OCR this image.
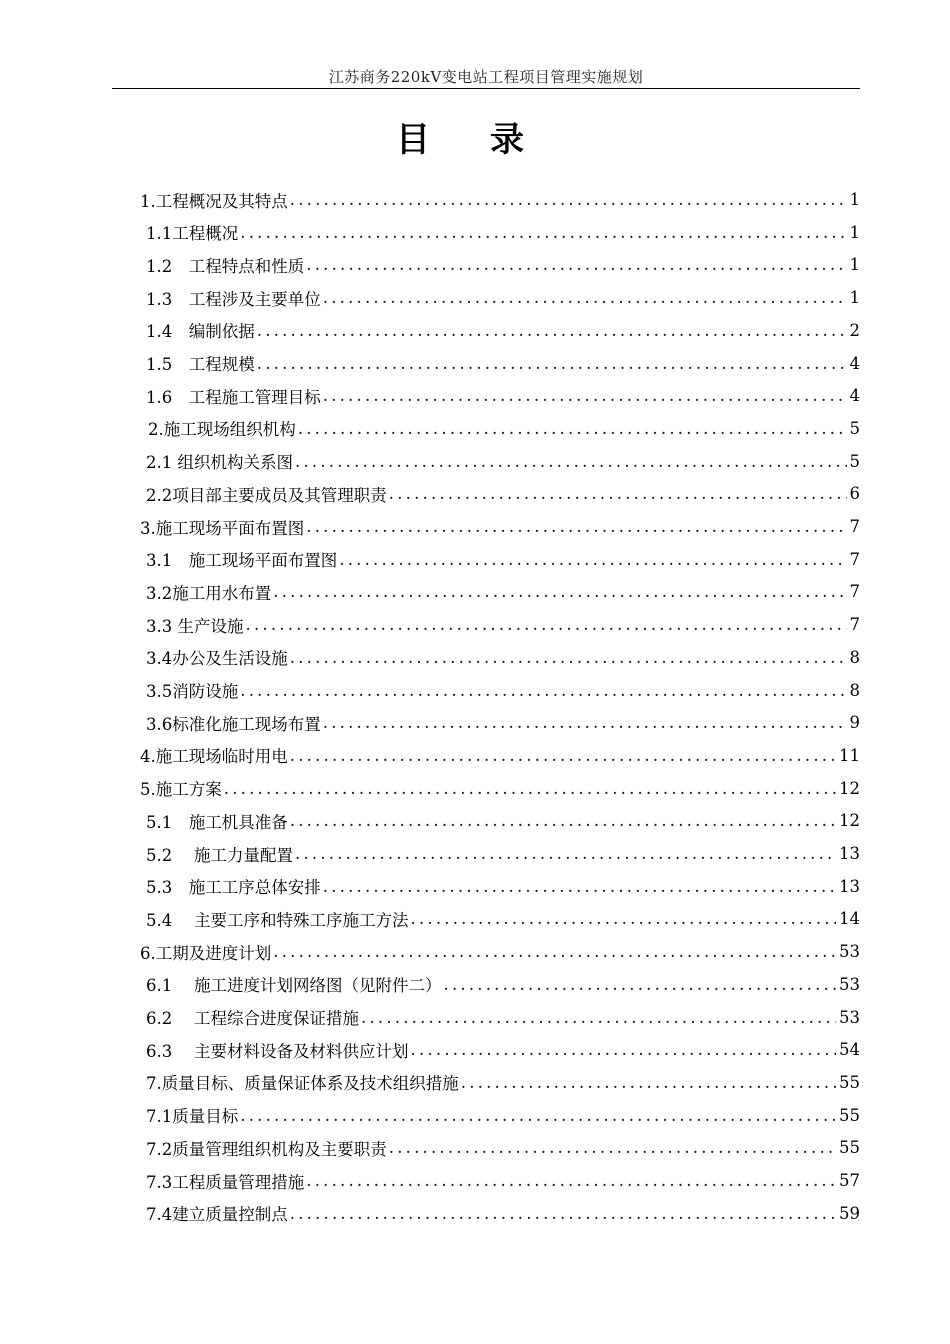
江苏商务220kV变电站工程项目管理实施规划
目录
1.工程概况及其特点 .....	1
1.1工程概况 .....	1
1.2　工程特点和性质 .....	1
1.3　工程涉及主要单位 .....	1
1.4　编制依据 .....	2
1.5　工程规模 .....	4
1.6　工程施工管理目标 .....	4
2.施工现场组织机构 .....	5
2.1 组织机构关系图 .....	5
2.2项目部主要成员及其管理职责 .....	6
3.施工现场平面布置图 .....	7
3.1　施工现场平面布置图 .....	7
3.2施工用水布置 .....	7
3.3 生产设施 .....	7
3.4办公及生活设施 .....	8
3.5消防设施 .....	8
3.6标准化施工现场布置 .....	9
4.施工现场临时用电 .....	11
5.施工方案 .....	12
5.1　施工机具准备 .....	12
5.2　 施工力量配置 .....	13
5.3　施工工序总体安排 .....	13
5.4　 主要工序和特殊工序施工方法 .....	14
6.工期及进度计划 .....	53
6.1　 施工进度计划网络图（见附件二） .....	53
6.2　 工程综合进度保证措施 .....	53
6.3　 主要材料设备及材料供应计划 .....	54
7.质量目标、质量保证体系及技术组织措施 .....	55
7.1质量目标 .....	55
7.2质量管理组织机构及主要职责 .....	55
7.3工程质量管理措施 .....	57
7.4建立质量控制点 .....	59
